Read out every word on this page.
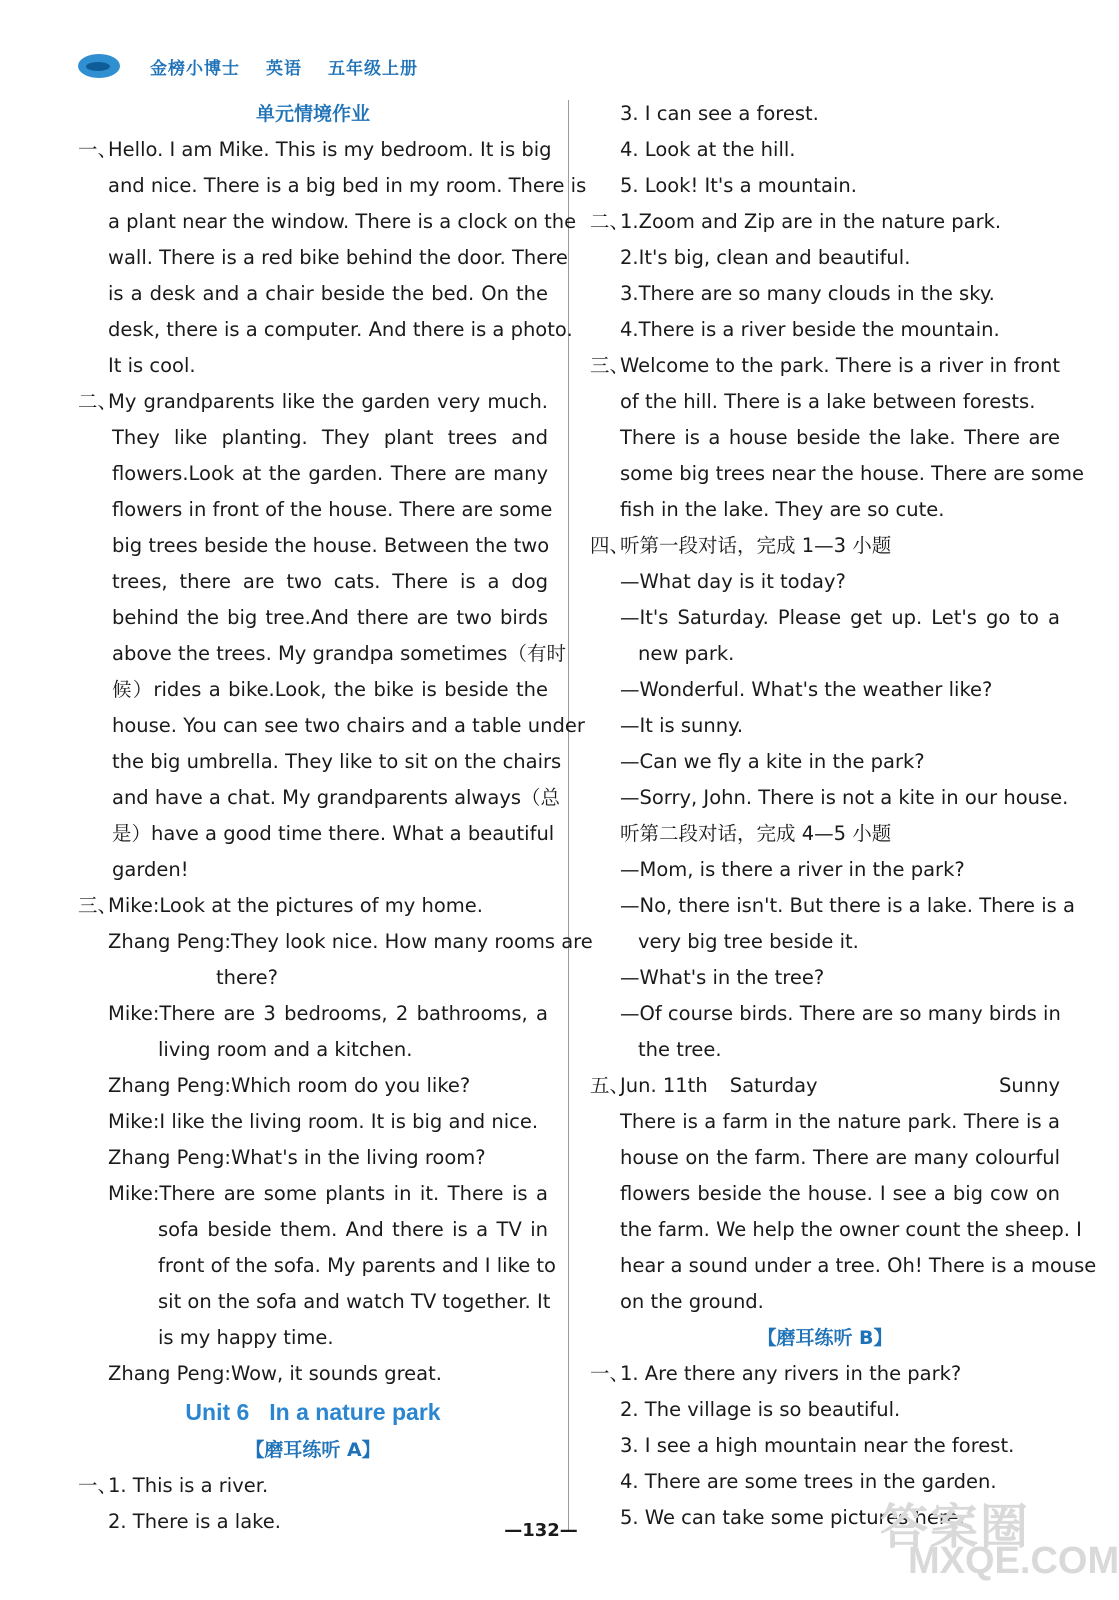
金榜小博士 英语 五年级上册
单元情境作业
一、Hello. I am Mike. This is my bedroom. It is big
and nice. There is a big bed in my room. There is
a plant near the window. There is a clock on the
wall. There is a red bike behind the door. There
is a desk and a chair beside the bed. On the
desk, there is a computer. And there is a photo.
It is cool.
二、My grandparents like the garden very much.
They like planting. They plant trees and
flowers.Look at the garden. There are many
flowers in front of the house. There are some
big trees beside the house. Between the two
trees, there are two cats. There is a dog
behind the big tree.And there are two birds
above the trees. My grandpa sometimes（有时
候）rides a bike.Look, the bike is beside the
house. You can see two chairs and a table under
the big umbrella. They like to sit on the chairs
and have a chat. My grandparents always（总
是）have a good time there. What a beautiful
garden!
三、Mike:Look at the pictures of my home.
Zhang Peng:They look nice. How many rooms are
there?
Mike:There are 3 bedrooms, 2 bathrooms, a
living room and a kitchen.
Zhang Peng:Which room do you like?
Mike:I like the living room. It is big and nice.
Zhang Peng:What's in the living room?
Mike:There are some plants in it. There is a
sofa beside them. And there is a TV in
front of the sofa. My parents and I like to
sit on the sofa and watch TV together. It
is my happy time.
Zhang Peng:Wow, it sounds great.
Unit 6 In a nature park
【磨耳练听 A】
一、1. This is a river.
2. There is a lake.
3. I can see a forest.
4. Look at the hill.
5. Look! It's a mountain.
二、1.Zoom and Zip are in the nature park.
2.It's big, clean and beautiful.
3.There are so many clouds in the sky.
4.There is a river beside the mountain.
三、Welcome to the park. There is a river in front
of the hill. There is a lake between forests.
There is a house beside the lake. There are
some big trees near the house. There are some
fish in the lake. They are so cute.
四、听第一段对话，完成 1—3 小题
—What day is it today?
—It's Saturday. Please get up. Let's go to a
new park.
—Wonderful. What's the weather like?
—It is sunny.
—Can we fly a kite in the park?
—Sorry, John. There is not a kite in our house.
听第二段对话，完成 4—5 小题
—Mom, is there a river in the park?
—No, there isn't. But there is a lake. There is a
very big tree beside it.
—What's in the tree?
—Of course birds. There are so many birds in
the tree.
五、Jun. 11th Saturday	Sunny
There is a farm in the nature park. There is a
house on the farm. There are many colourful
flowers beside the house. I see a big cow on
the farm. We help the owner count the sheep. I
hear a sound under a tree. Oh! There is a mouse
on the ground.
【磨耳练听 B】
一、1. Are there any rivers in the park?
2. The village is so beautiful.
3. I see a high mountain near the forest.
4. There are some trees in the garden.
5. We can take some pictures here.
—132—	答案圈
MXQE.COM
